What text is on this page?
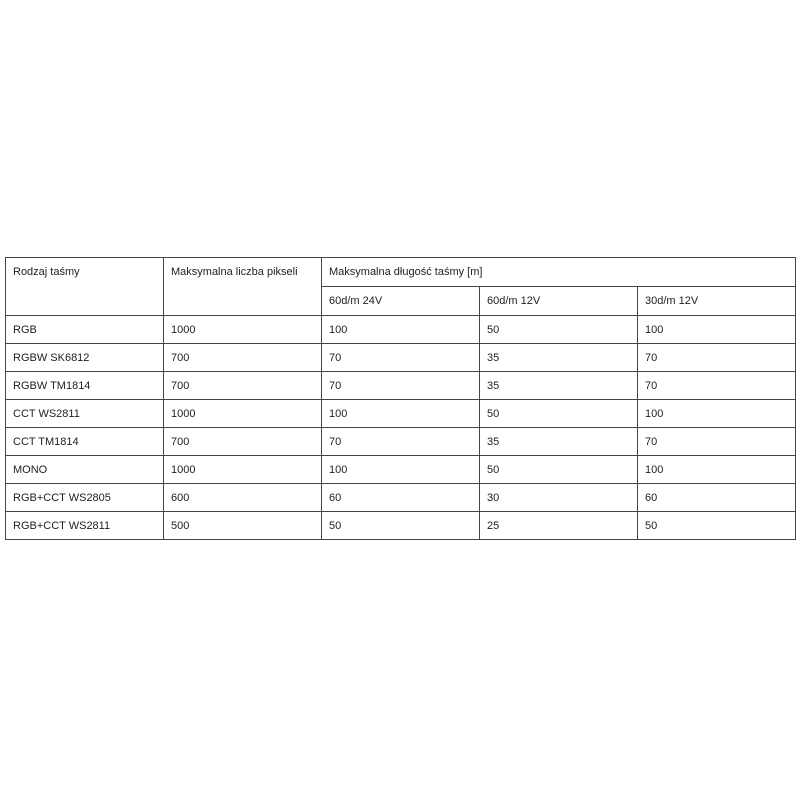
Rodzaj taśmy	Maksymalna liczba pikseli	Maksymalna długość taśmy [m]		
		60d/m 24V	60d/m 12V	30d/m 12V
RGB	1000	100	50	100
RGBW SK6812	700	70	35	70
RGBW TM1814	700	70	35	70
CCT WS2811	1000	100	50	100
CCT TM1814	700	70	35	70
MONO	1000	100	50	100
RGB+CCT WS2805	600	60	30	60
RGB+CCT WS2811	500	50	25	50
